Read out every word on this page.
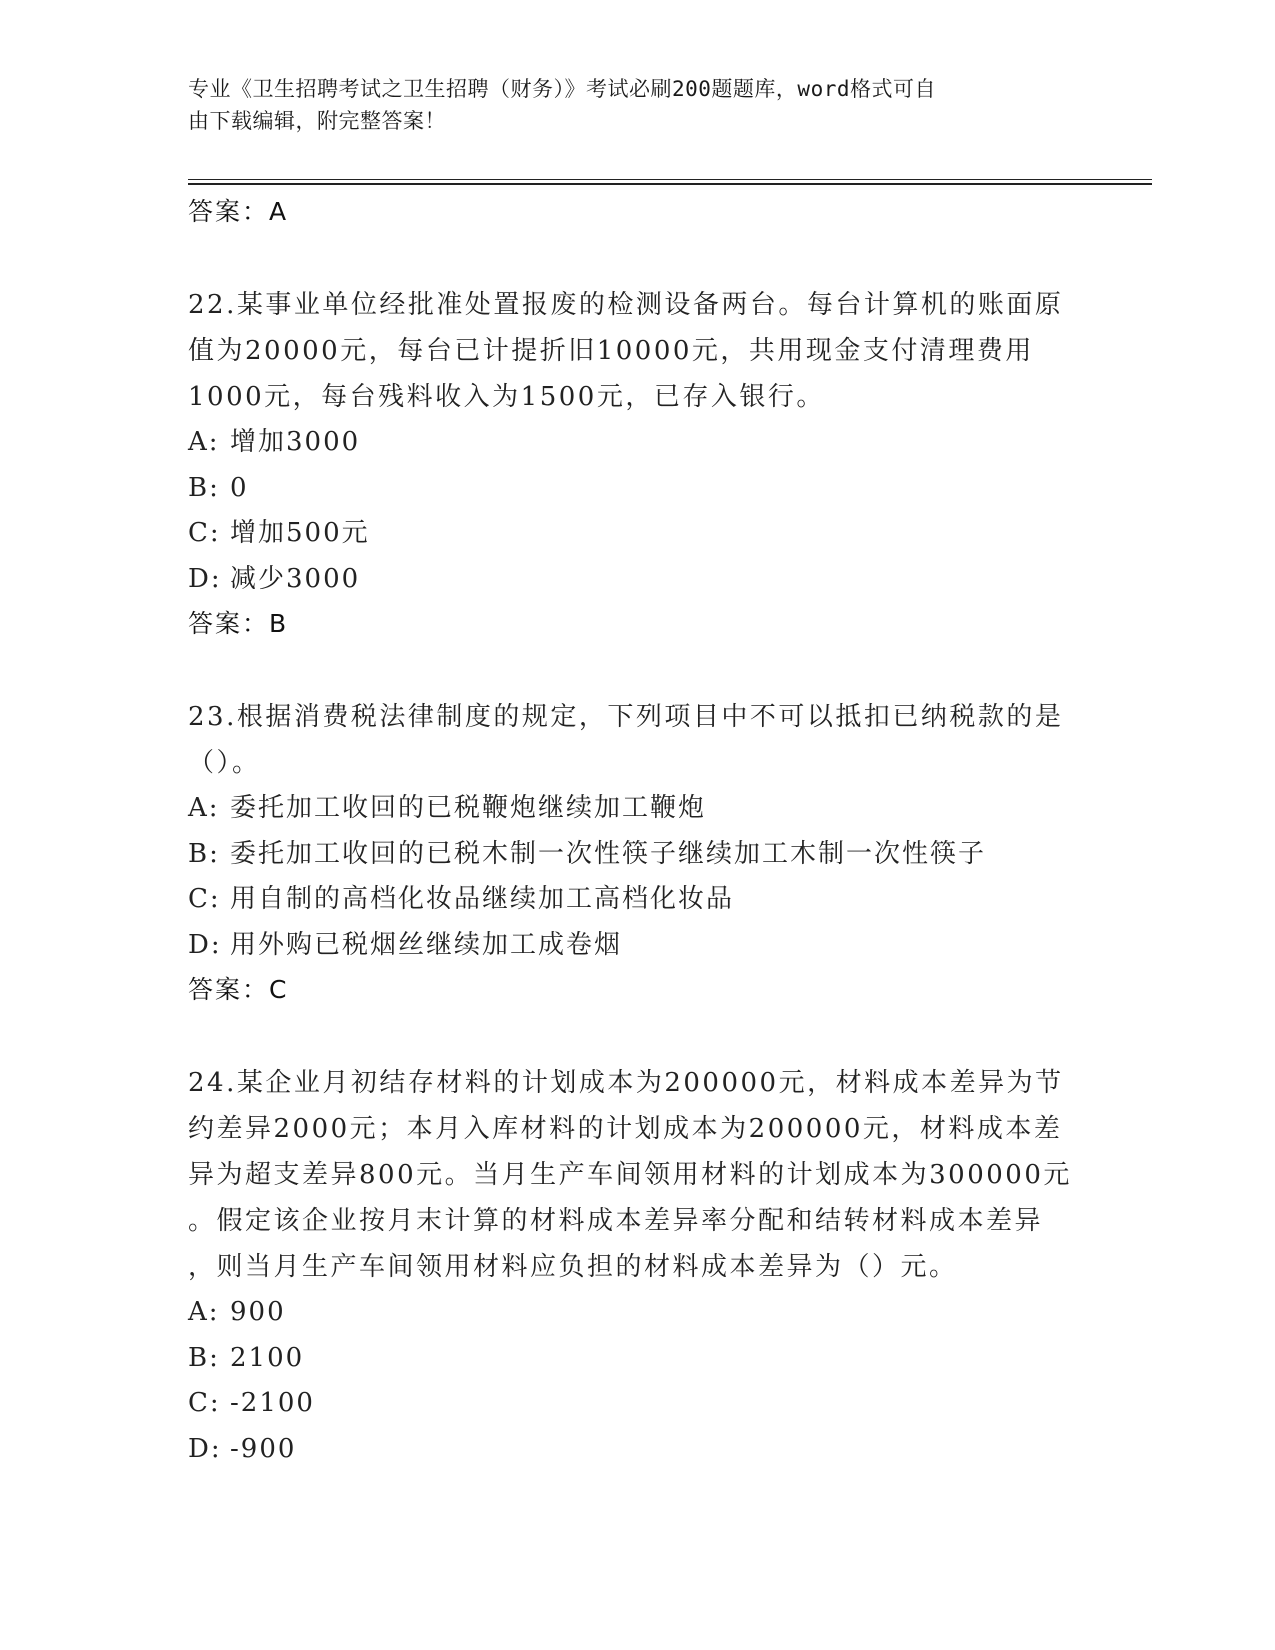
专业《卫生招聘考试之卫生招聘（财务）》考试必刷200题题库，word格式可自
由下载编辑，附完整答案！
答案：A
22.某事业单位经批准处置报废的检测设备两台。每台计算机的账面原
值为20000元，每台已计提折旧10000元，共用现金支付清理费用
1000元，每台残料收入为1500元，已存入银行。
A: 增加3000
B: 0
C: 增加500元
D: 减少3000
答案：B
23.根据消费税法律制度的规定，下列项目中不可以抵扣已纳税款的是
（）。
A: 委托加工收回的已税鞭炮继续加工鞭炮
B: 委托加工收回的已税木制一次性筷子继续加工木制一次性筷子
C: 用自制的高档化妆品继续加工高档化妆品
D: 用外购已税烟丝继续加工成卷烟
答案：C
24.某企业月初结存材料的计划成本为200000元，材料成本差异为节
约差异2000元；本月入库材料的计划成本为200000元，材料成本差
异为超支差异800元。当月生产车间领用材料的计划成本为300000元
。假定该企业按月末计算的材料成本差异率分配和结转材料成本差异
，则当月生产车间领用材料应负担的材料成本差异为（）元。
A: 900
B: 2100
C: -2100
D: -900
